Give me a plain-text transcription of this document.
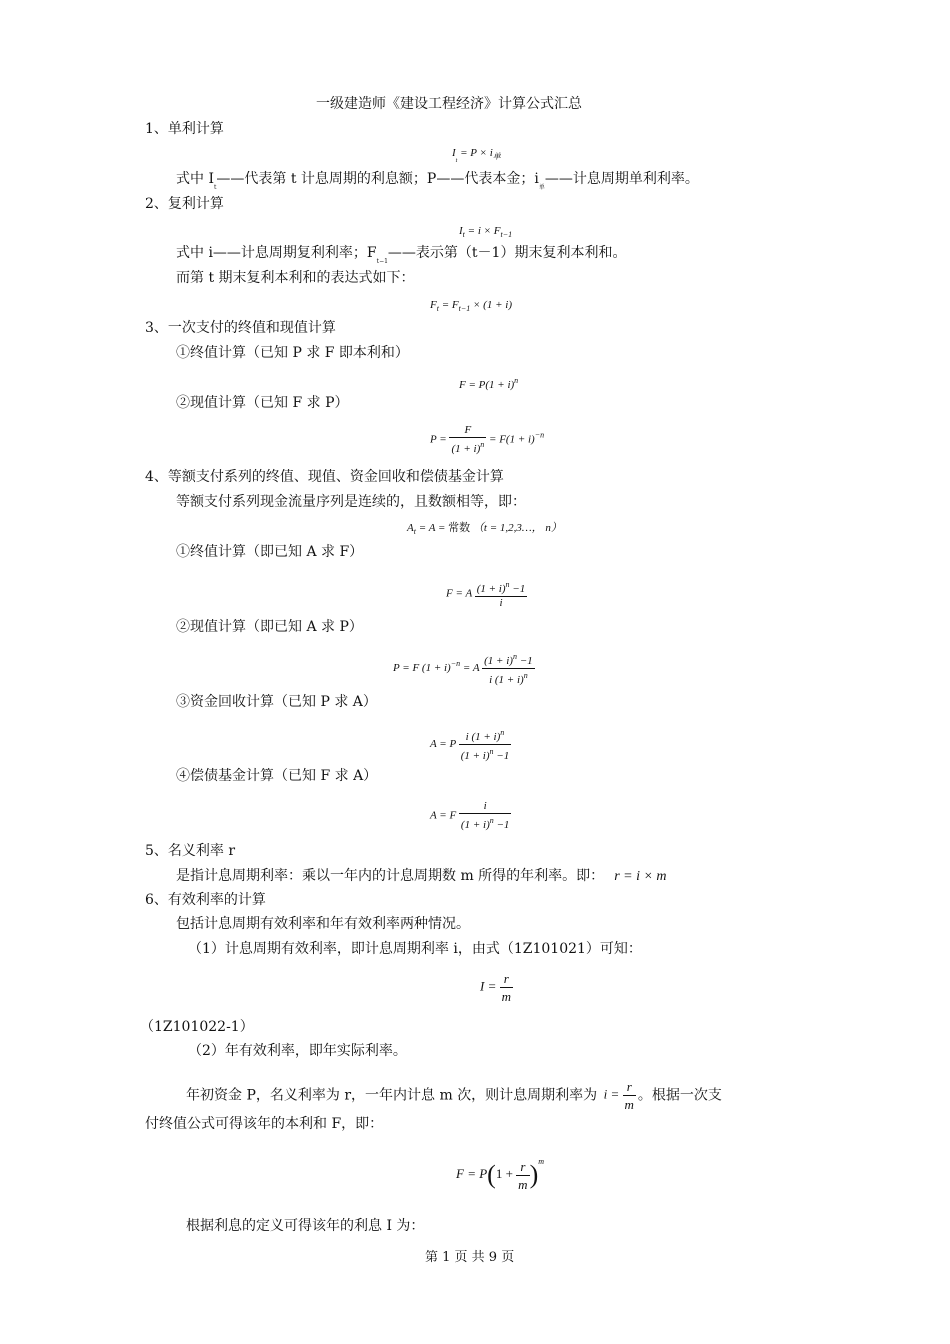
一级建造师《建设工程经济》计算公式汇总
1、单利计算
$I_t = P \times i_单$
式中 $I_t——$代表第 t 计息周期的利息额；P——代表本金；$i_单——$计息周期单利利率。
2、复利计算
$I_t = i \times F_{t-1}$
式中 i——计息周期复利利率；$F_{t-1}——$表示第（t－1）期末复利本利和。
而第 t 期末复利本利和的表达式如下：
$F_t = F_{t-1} \times (1 + i)$
3、一次支付的终值和现值计算
①终值计算（已知 P 求 F 即本利和）
$F = P(1 + i)^n$
②现值计算（已知 F 求 P）
$P = \frac{F}{(1 + i)^n} = F(1 + i)^{-n}$
4、等额支付系列的终值、现值、资金回收和偿债基金计算
等额支付系列现金流量序列是连续的，且数额相等，即：
$A_t = A$ = 常数 （t = 1,2,3…， n）
①终值计算（即已知 A 求 F）
F = A $\frac{(1 + i)^n -1}{i}$
②现值计算（即已知 A 求 P）
P = F $(1 + i)^{-n} = A \frac{(1 + i)^n -1}{i (1 + i)^n}$
③资金回收计算（已知 P 求 A）
A = P $\frac{i (1 + i)^n}{(1 + i)^n -1}$
④偿债基金计算（已知 F 求 A）
A = F $\frac{i}{(1 + i)^n -1}$
5、名义利率 r
是指计息周期利率：乘以一年内的计息周期数 m 所得的年利率。即： r = i × m
6、有效利率的计算
包括计息周期有效利率和年有效利率两种情况。
（1）计息周期有效利率，即计息周期利率 i，由式（1Z101021）可知：
$I = \frac{r}{m}$
（1Z101022-1）
（2）年有效利率，即年实际利率。
年初资金 P，名义利率为 r，一年内计息 m 次，则计息周期利率为 $i = \frac{r}{m}$ 。根据一次支
付终值公式可得该年的本利和 F，即：
$F = P(1 + \frac{r}{m} )^m$
根据利息的定义可得该年的利息 I 为：
第 1 页 共 9 页
